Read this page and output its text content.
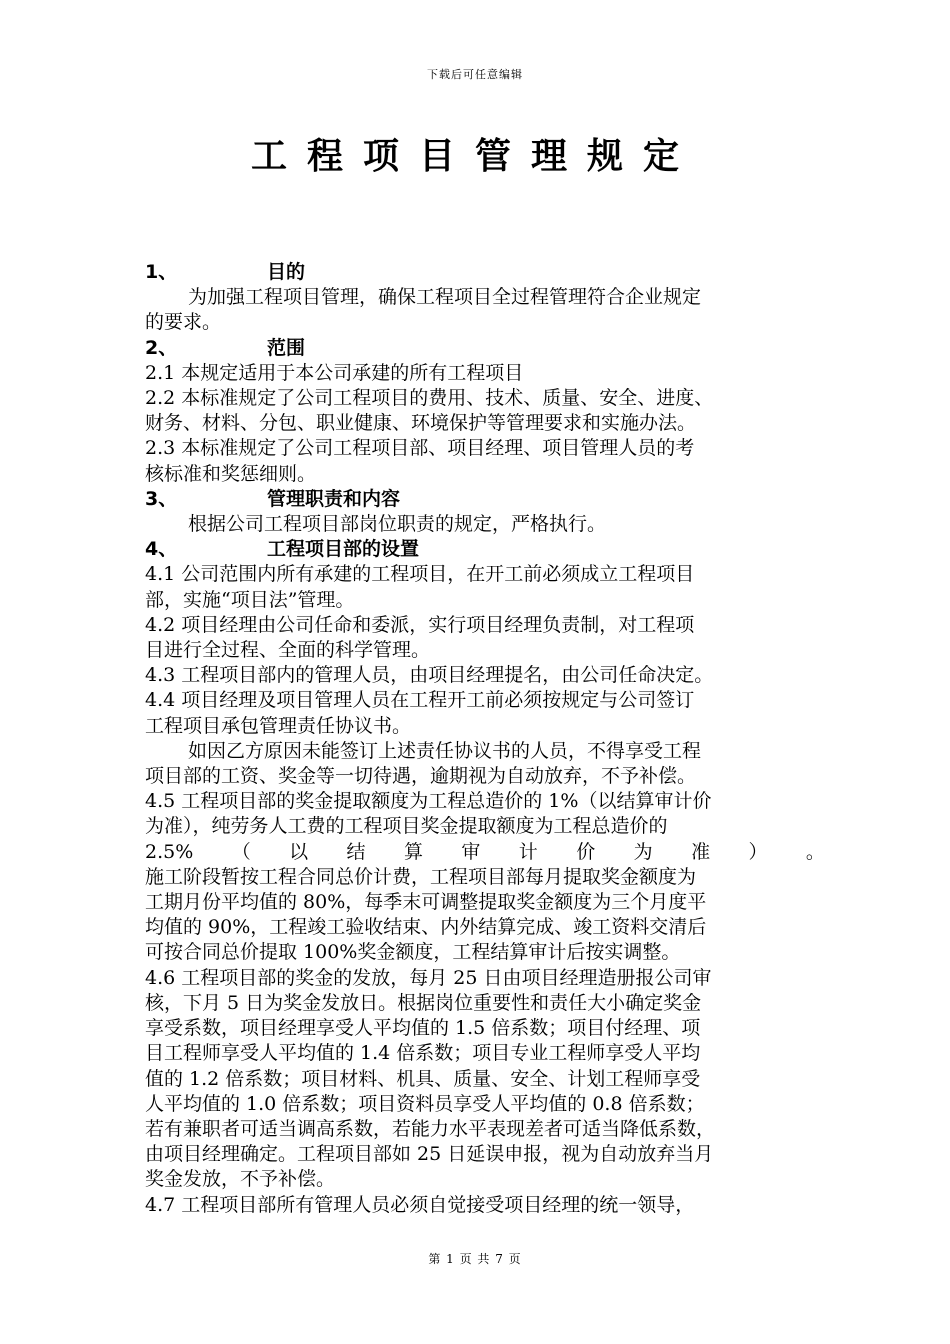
下载后可任意编辑
工程项目管理规定
1、	目的
为加强工程项目管理，确保工程项目全过程管理符合企业规定
的要求。
2、	范围
2.1 本规定适用于本公司承建的所有工程项目
2.2 本标准规定了公司工程项目的费用、技术、质量、安全、进度、
财务、材料、分包、职业健康、环境保护等管理要求和实施办法。
2.3 本标准规定了公司工程项目部、项目经理、项目管理人员的考
核标准和奖惩细则。
3、	管理职责和内容
根据公司工程项目部岗位职责的规定，严格执行。
4、	工程项目部的设置
4.1 公司范围内所有承建的工程项目，在开工前必须成立工程项目
部，实施“项目法”管理。
4.2 项目经理由公司任命和委派，实行项目经理负责制，对工程项
目进行全过程、全面的科学管理。
4.3 工程项目部内的管理人员，由项目经理提名，由公司任命决定。
4.4 项目经理及项目管理人员在工程开工前必须按规定与公司签订
工程项目承包管理责任协议书。
如因乙方原因未能签订上述责任协议书的人员，不得享受工程
项目部的工资、奖金等一切待遇，逾期视为自动放弃，不予补偿。
4.5 工程项目部的奖金提取额度为工程总造价的 1%（以结算审计价
为准），纯劳务人工费的工程项目奖金提取额度为工程总造价的
2.5% （ 以 结 算 审 计 价 为 准 ） 。
施工阶段暂按工程合同总价计费，工程项目部每月提取奖金额度为
工期月份平均值的 80%，每季末可调整提取奖金额度为三个月度平
均值的 90%，工程竣工验收结束、内外结算完成、竣工资料交清后
可按合同总价提取 100%奖金额度，工程结算审计后按实调整。
4.6 工程项目部的奖金的发放，每月 25 日由项目经理造册报公司审
核，下月 5 日为奖金发放日。根据岗位重要性和责任大小确定奖金
享受系数，项目经理享受人平均值的 1.5 倍系数；项目付经理、项
目工程师享受人平均值的 1.4 倍系数；项目专业工程师享受人平均
值的 1.2 倍系数；项目材料、机具、质量、安全、计划工程师享受
人平均值的 1.0 倍系数；项目资料员享受人平均值的 0.8 倍系数；
若有兼职者可适当调高系数，若能力水平表现差者可适当降低系数，
由项目经理确定。工程项目部如 25 日延误申报，视为自动放弃当月
奖金发放，不予补偿。
4.7 工程项目部所有管理人员必须自觉接受项目经理的统一领导，
第 1 页 共 7 页
